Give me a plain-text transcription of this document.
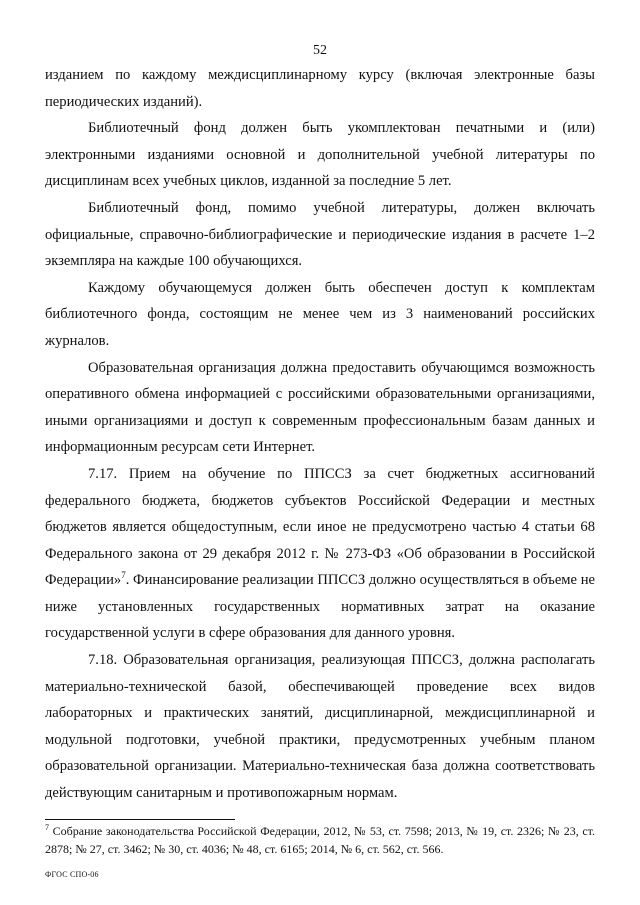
52

изданием по каждому междисциплинарному курсу (включая электронные базы периодических изданий).

Библиотечный фонд должен быть укомплектован печатными и (или) электронными изданиями основной и дополнительной учебной литературы по дисциплинам всех учебных циклов, изданной за последние 5 лет.

Библиотечный фонд, помимо учебной литературы, должен включать официальные, справочно-библиографические и периодические издания в расчете 1–2 экземпляра на каждые 100 обучающихся.

Каждому обучающемуся должен быть обеспечен доступ к комплектам библиотечного фонда, состоящим не менее чем из 3 наименований российских журналов.

Образовательная организация должна предоставить обучающимся возможность оперативного обмена информацией с российскими образовательными организациями, иными организациями и доступ к современным профессиональным базам данных и информационным ресурсам сети Интернет.

7.17. Прием на обучение по ППССЗ за счет бюджетных ассигнований федерального бюджета, бюджетов субъектов Российской Федерации и местных бюджетов является общедоступным, если иное не предусмотрено частью 4 статьи 68 Федерального закона от 29 декабря 2012 г. № 273-ФЗ «Об образовании в Российской Федерации»$^7$. Финансирование реализации ППССЗ должно осуществляться в объеме не ниже установленных государственных нормативных затрат на оказание государственной услуги в сфере образования для данного уровня.

7.18. Образовательная организация, реализующая ППССЗ, должна располагать материально-технической базой, обеспечивающей проведение всех видов лабораторных и практических занятий, дисциплинарной, междисциплинарной и модульной подготовки, учебной практики, предусмотренных учебным планом образовательной организации. Материально-техническая база должна соответствовать действующим санитарным и противопожарным нормам.

$^7$ Собрание законодательства Российской Федерации, 2012, № 53, ст. 7598; 2013, № 19, ст. 2326; № 23, ст. 2878; № 27, ст. 3462; № 30, ст. 4036; № 48, ст. 6165; 2014, № 6, ст. 562, ст. 566.

ФГОС СПО-06
